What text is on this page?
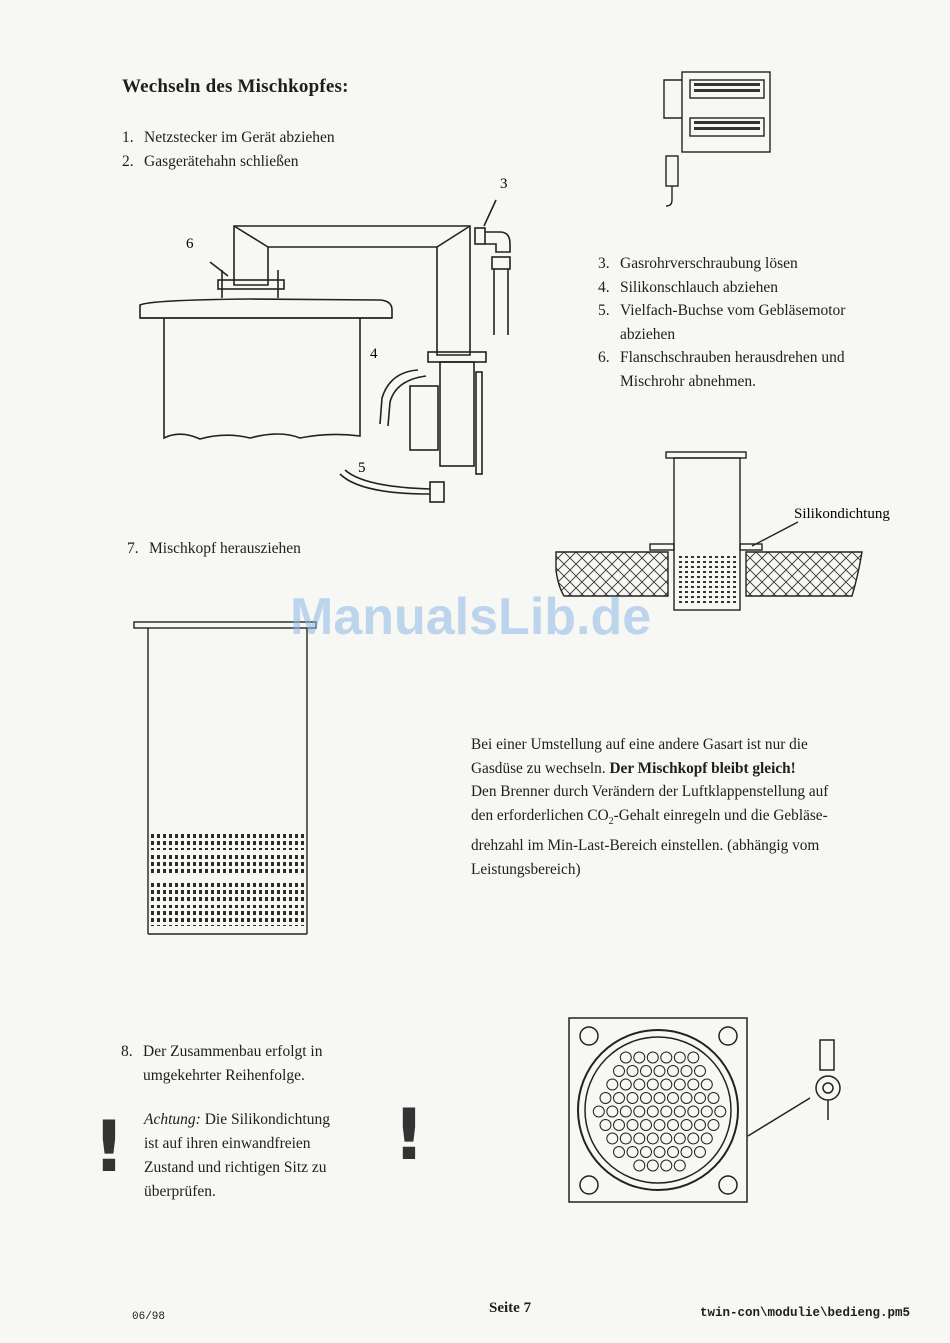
Wechseln des Mischkopfes:
1. Netzstecker im Gerät abziehen
2. Gasgerätehahn schließen
3. Gasrohrverschraubung lösen
4. Silikonschlauch abziehen
5. Vielfach-Buchse vom Gebläsemotor
abziehen
6. Flanschschrauben herausdrehen und
Mischrohr abnehmen.
7. Mischkopf herausziehen
8. Der Zusammenbau erfolgt in
umgekehrter Reihenfolge.
Bei einer Umstellung auf eine andere Gasart ist nur die
Gasdüse zu wechseln. Der Mischkopf bleibt gleich!
Den Brenner durch Verändern der Luftklappenstellung auf
den erforderlichen $CO_2$-Gehalt einregeln und die Gebläse-
drehzahl im Min-Last-Bereich einstellen. (abhängig vom
Leistungsbereich)
!	!
Achtung: Die Silikondichtung
ist auf ihren einwandfreien
Zustand und richtigen Sitz zu
überprüfen.
6
3
4
5
Silikondichtung
06/98
Seite 7	twin-con\modulie\bedieng.pm5
ManualsLib.de
